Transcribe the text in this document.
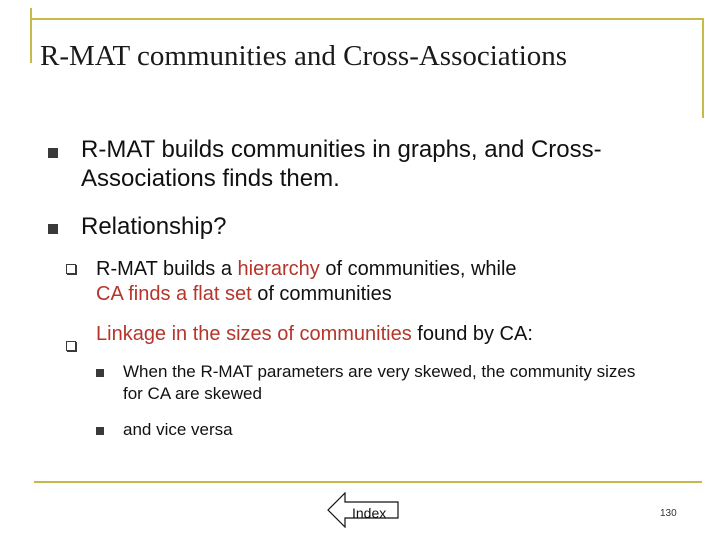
R-MAT communities and Cross-Associations
R-MAT builds communities in graphs, and Cross-Associations finds them.
Relationship?
R-MAT builds a hierarchy of communities, while
CA finds a flat set of communities
Linkage in the sizes of communities found by CA:
When the R-MAT parameters are very skewed, the community sizes for CA are skewed
and vice versa
Index	130
